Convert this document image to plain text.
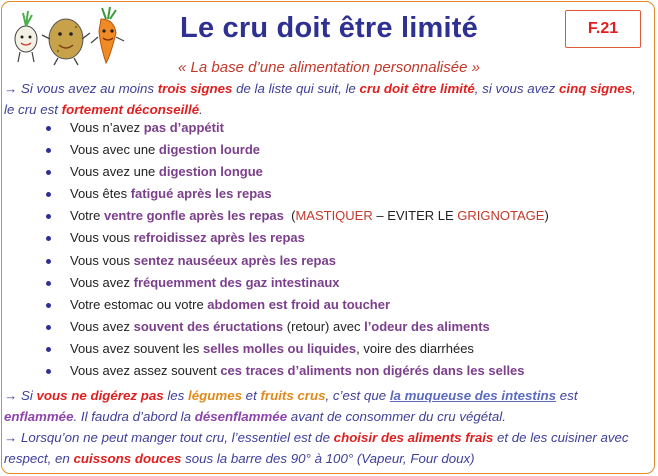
Le cru doit être limité	F.21
« La base d’une alimentation personnalisée »
→ Si vous avez au moins trois signes de la liste qui suit, le cru doit être limité, si vous avez cinq signes, le cru est fortement déconseillé.
Vous n’avez pas d’appétit
Vous avec une digestion lourde
Vous avez une digestion longue
Vous êtes fatigué après les repas
Votre ventre gonfle après les repas  (MASTIQUER – EVITER LE GRIGNOTAGE)
Vous vous refroidissez après les repas
Vous vous sentez nauséeux après les repas
Vous avez fréquemment des gaz intestinaux
Votre estomac ou votre abdomen est froid au toucher
Vous avez souvent des éructations (retour) avec l’odeur des aliments
Vous avez souvent les selles molles ou liquides, voire des diarrhées
Vous avez assez souvent ces traces d’aliments non digérés dans les selles
→ Si vous ne digérez pas les légumes et fruits crus, c’est que la muqueuse des intestins est enflammée. Il faudra d’abord la désenflammée avant de consommer du cru végétal.
→ Lorsqu’on ne peut manger tout cru, l’essentiel est de choisir des aliments frais et de les cuisiner avec respect, en cuissons douces sous la barre des 90° à 100° (Vapeur, Four doux)
